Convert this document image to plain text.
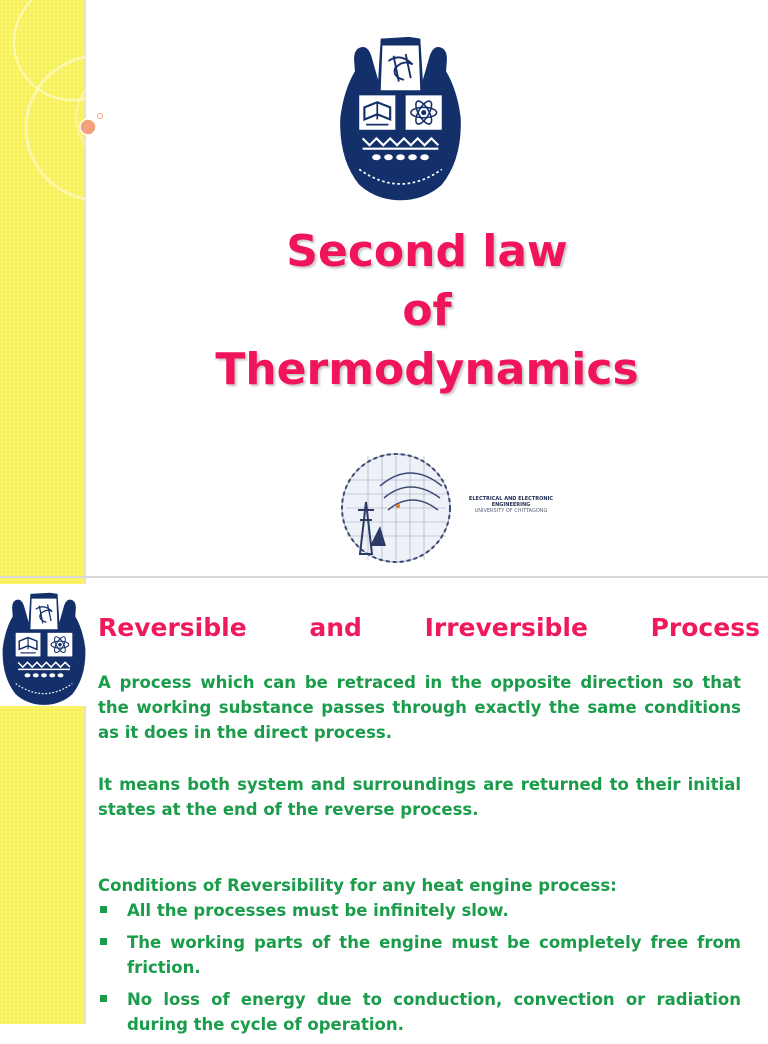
Second law
of
Thermodynamics
ELECTRICAL AND ELECTRONIC
ENGINEERING
UNIVERSITY OF CHITTAGONG
Reversible	and	Irreversible	Process
A process which can be retraced in the opposite direction so that the working substance passes through exactly the same conditions as it does in the direct process.
It means both system and surroundings are returned to their initial states at the end of the reverse process.
Conditions of Reversibility for any heat engine process:
All the processes must be infinitely slow.
The working parts of the engine must be completely free from friction.
No loss of energy due to conduction, convection or radiation during the cycle of operation.
